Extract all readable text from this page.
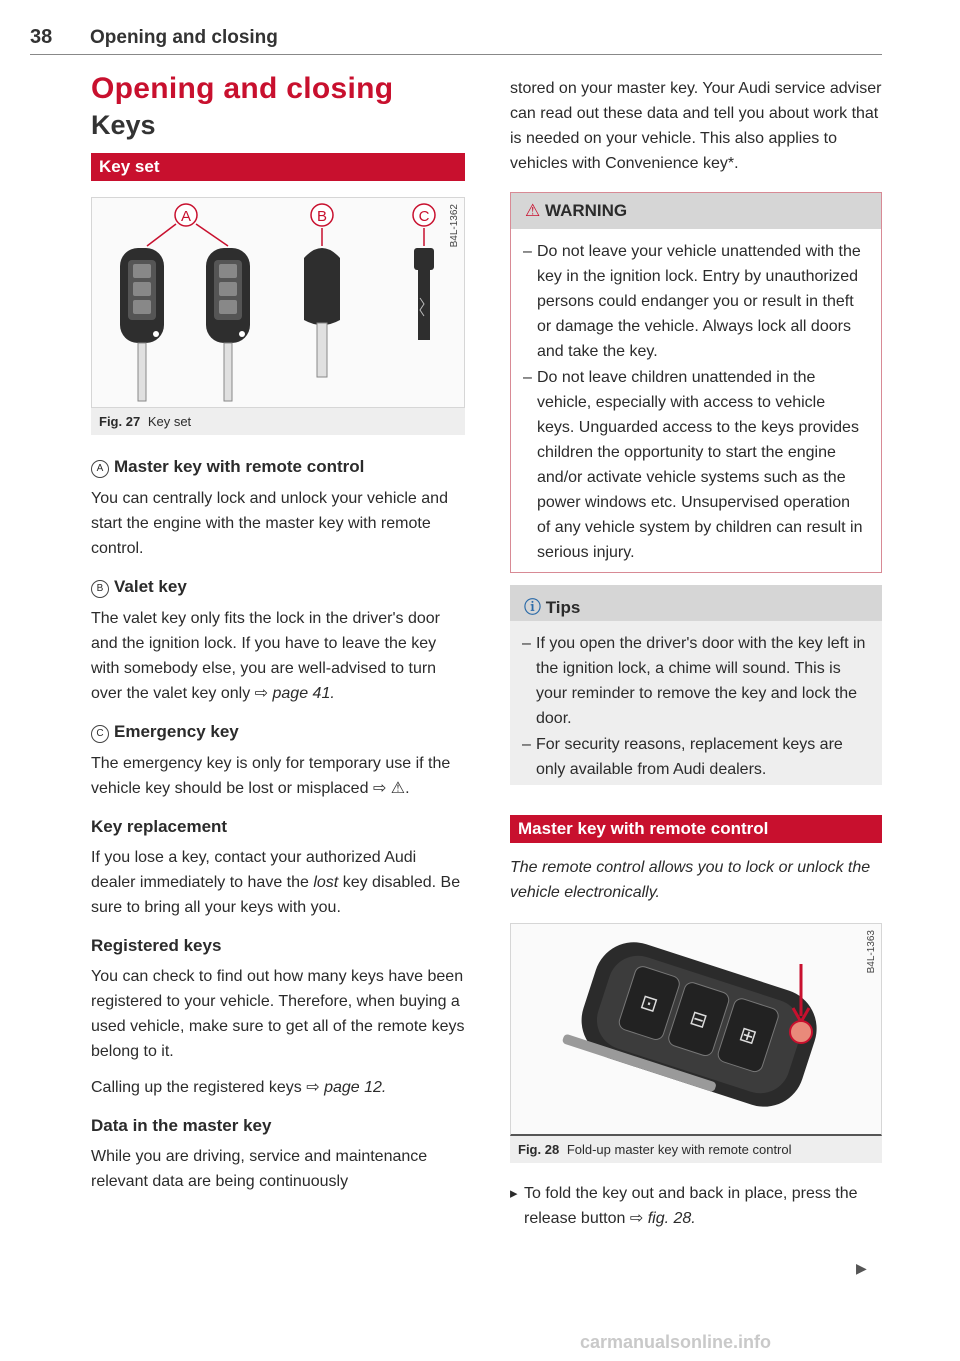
38 Opening and closing
Opening and closing
Keys
Key set
A	B	C B4L-1362
Fig. 27 Key set
A Master key with remote control

You can centrally lock and unlock your vehicle and start the engine with the master key with remote control.

B Valet key

The valet key only fits the lock in the driver's door and the ignition lock. If you have to leave the key with somebody else, you are well-advised to turn over the valet key only ⇨ page 41.

C Emergency key

The emergency key is only for temporary use if the vehicle key should be lost or misplaced ⇨ ⚠.

Key replacement

If you lose a key, contact your authorized Audi dealer immediately to have the lost key disabled. Be sure to bring all your keys with you.

Registered keys

You can check to find out how many keys have been registered to your vehicle. Therefore, when buying a used vehicle, make sure to get all of the remote keys belong to it.

Calling up the registered keys ⇨ page 12.

Data in the master key

While you are driving, service and maintenance relevant data are being continuously

stored on your master key. Your Audi service adviser can read out these data and tell you about work that is needed on your vehicle. This also applies to vehicles with Convenience key*.

⚠ WARNING
– Do not leave your vehicle unattended with the key in the ignition lock. Entry by unauthorized persons could endanger you or result in theft or damage the vehicle. Always lock all doors and take the key.
– Do not leave children unattended in the vehicle, especially with access to vehicle keys. Unguarded access to the keys provides children the opportunity to start the engine and/or activate vehicle systems such as the power windows etc. Unsupervised operation of any vehicle system by children can result in serious injury.
ⓘ Tips
– If you open the driver's door with the key left in the ignition lock, a chime will sound. This is your reminder to remove the key and lock the door.
– For security reasons, replacement keys are only available from Audi dealers.
Master key with remote control

The remote control allows you to lock or unlock the vehicle electronically.

⊡
⊟
⊞
B4L-1363
Fig. 28 Fold-up master key with remote control

▸ To fold the key out and back in place, press the release button ⇨ fig. 28.

▶
carmanualsonline.info
